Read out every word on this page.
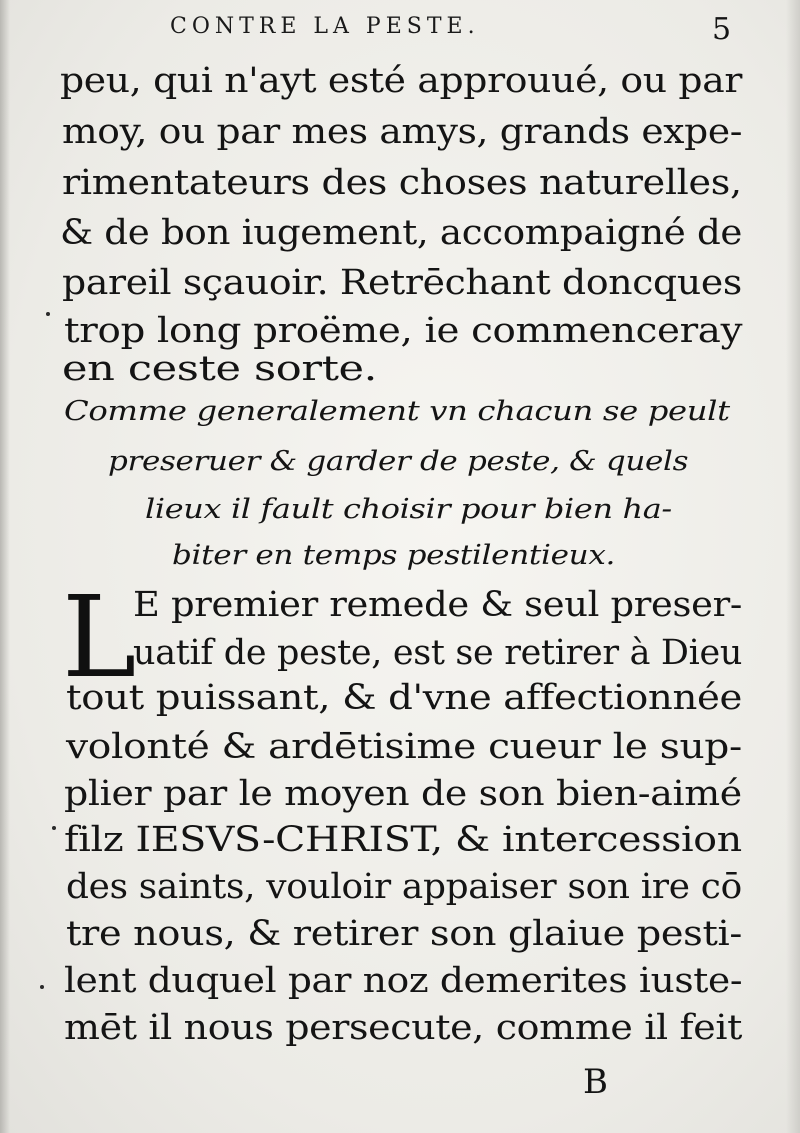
CONTRE LA PESTE.	5
peu, qui n'ayt esté approuué, ou par
moy, ou par mes amys, grands expe-
rimentateurs des choses naturelles,
& de bon iugement, accompaigné de
pareil sçauoir. Retrēchant doncques
trop long proëme, ie commenceray
en ceste sorte.
Comme generalement vn chacun se peult
preseruer & garder de peste, & quels
lieux il fault choisir pour bien ha-
biter en temps pestilentieux.
L
E premier remede & seul preser-
uatif de peste, est se retirer à Dieu
tout puissant, & d'vne affectionnée
volonté & ardētisime cueur le sup-
plier par le moyen de son bien-aimé
filz IESVS-CHRIST, & intercession
des saints, vouloir appaiser son ire cō
tre nous, & retirer son glaiue pesti-
lent duquel par noz demerites iuste-
mēt il nous persecute, comme il feit
B
